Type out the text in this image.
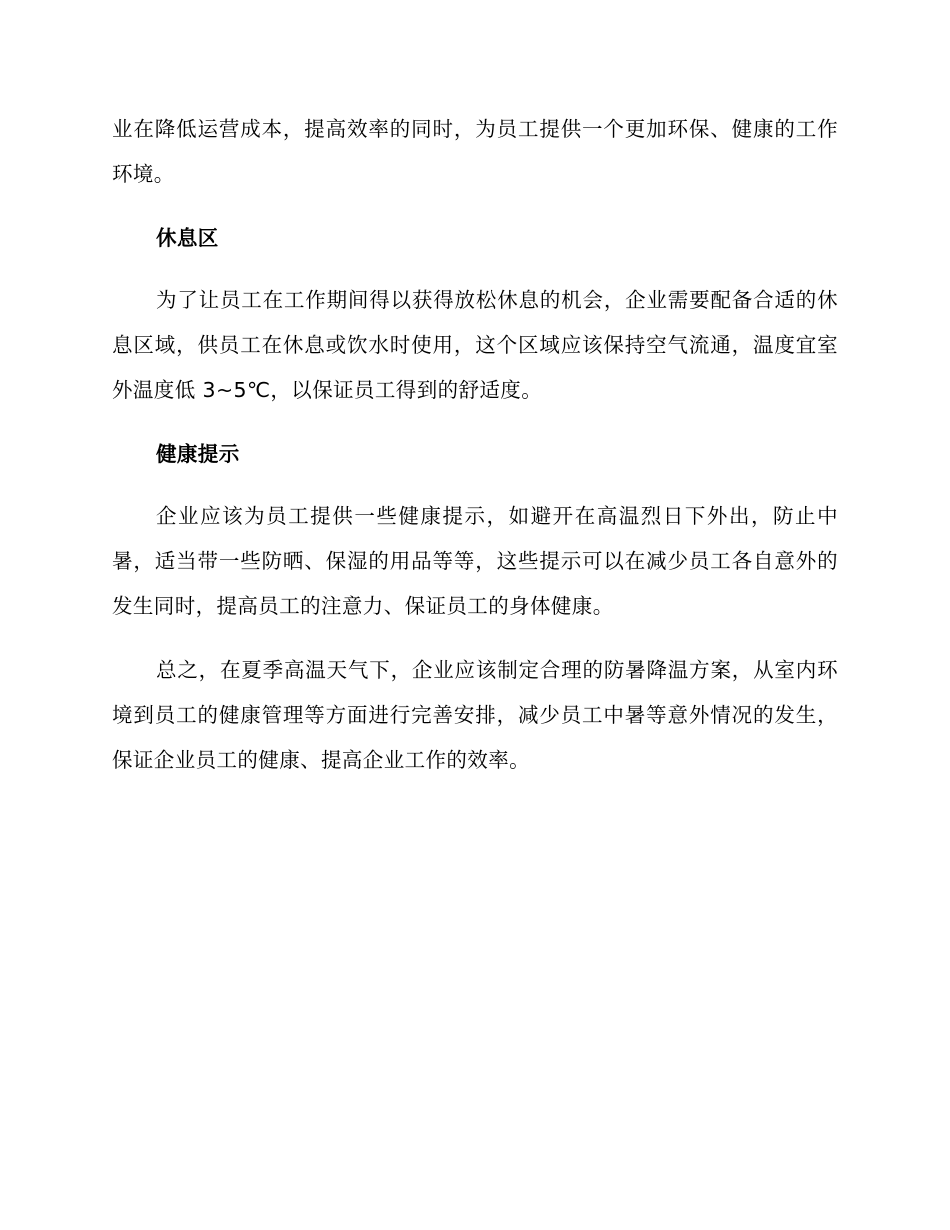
业在降低运营成本，提高效率的同时，为员工提供一个更加环保、健康的工作环境。

休息区

为了让员工在工作期间得以获得放松休息的机会，企业需要配备合适的休息区域，供员工在休息或饮水时使用，这个区域应该保持空气流通，温度宜室外温度低 3~5℃，以保证员工得到的舒适度。

健康提示

企业应该为员工提供一些健康提示，如避开在高温烈日下外出，防止中暑，适当带一些防晒、保湿的用品等等，这些提示可以在减少员工各自意外的发生同时，提高员工的注意力、保证员工的身体健康。

总之，在夏季高温天气下，企业应该制定合理的防暑降温方案，从室内环境到员工的健康管理等方面进行完善安排，减少员工中暑等意外情况的发生，保证企业员工的健康、提高企业工作的效率。
